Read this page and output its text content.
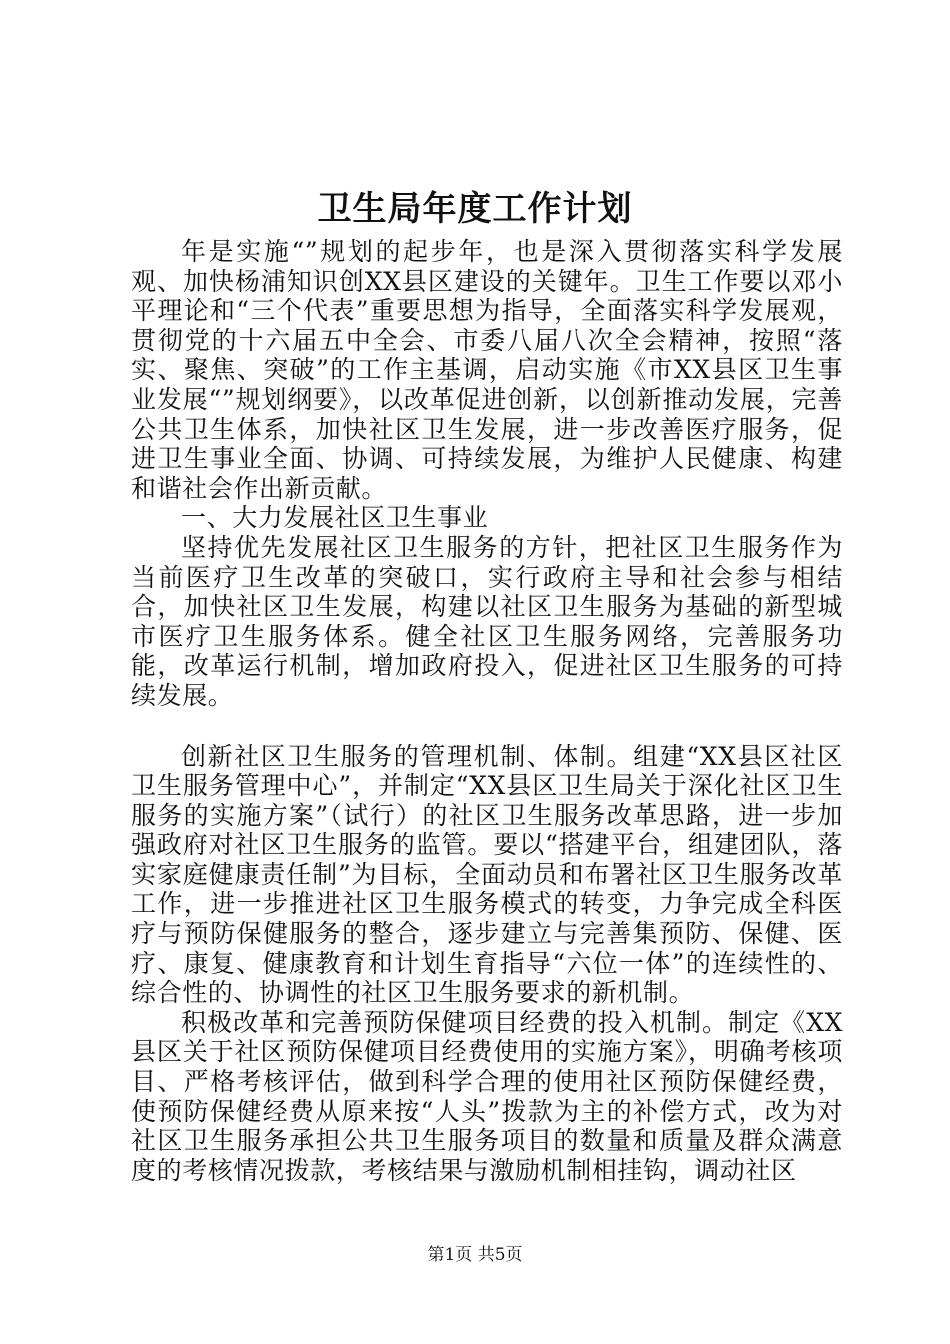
卫生局年度工作计划

年是实施“”规划的起步年，也是深入贯彻落实科学发展观、加快杨浦知识创XX县区建设的关键年。卫生工作要以邓小平理论和“三个代表”重要思想为指导，全面落实科学发展观，贯彻党的十六届五中全会、市委八届八次全会精神，按照“落实、聚焦、突破”的工作主基调，启动实施《市XX县区卫生事业发展“”规划纲要》，以改革促进创新，以创新推动发展，完善公共卫生体系，加快社区卫生发展，进一步改善医疗服务，促进卫生事业全面、协调、可持续发展，为维护人民健康、构建和谐社会作出新贡献。

一、大力发展社区卫生事业

坚持优先发展社区卫生服务的方针，把社区卫生服务作为当前医疗卫生改革的突破口，实行政府主导和社会参与相结合，加快社区卫生发展，构建以社区卫生服务为基础的新型城市医疗卫生服务体系。健全社区卫生服务网络，完善服务功能，改革运行机制，增加政府投入，促进社区卫生服务的可持续发展。

创新社区卫生服务的管理机制、体制。组建“XX县区社区卫生服务管理中心”，并制定“XX县区卫生局关于深化社区卫生服务的实施方案”（试行）的社区卫生服务改革思路，进一步加强政府对社区卫生服务的监管。要以“搭建平台，组建团队，落实家庭健康责任制”为目标，全面动员和布署社区卫生服务改革工作，进一步推进社区卫生服务模式的转变，力争完成全科医疗与预防保健服务的整合，逐步建立与完善集预防、保健、医疗、康复、健康教育和计划生育指导“六位一体”的连续性的、综合性的、协调性的社区卫生服务要求的新机制。

积极改革和完善预防保健项目经费的投入机制。制定《XX县区关于社区预防保健项目经费使用的实施方案》，明确考核项目、严格考核评估，做到科学合理的使用社区预防保健经费，使预防保健经费从原来按“人头”拨款为主的补偿方式，改为对社区卫生服务承担公共卫生服务项目的数量和质量及群众满意度的考核情况拨款，考核结果与激励机制相挂钩，调动社区

第1页 共5页
